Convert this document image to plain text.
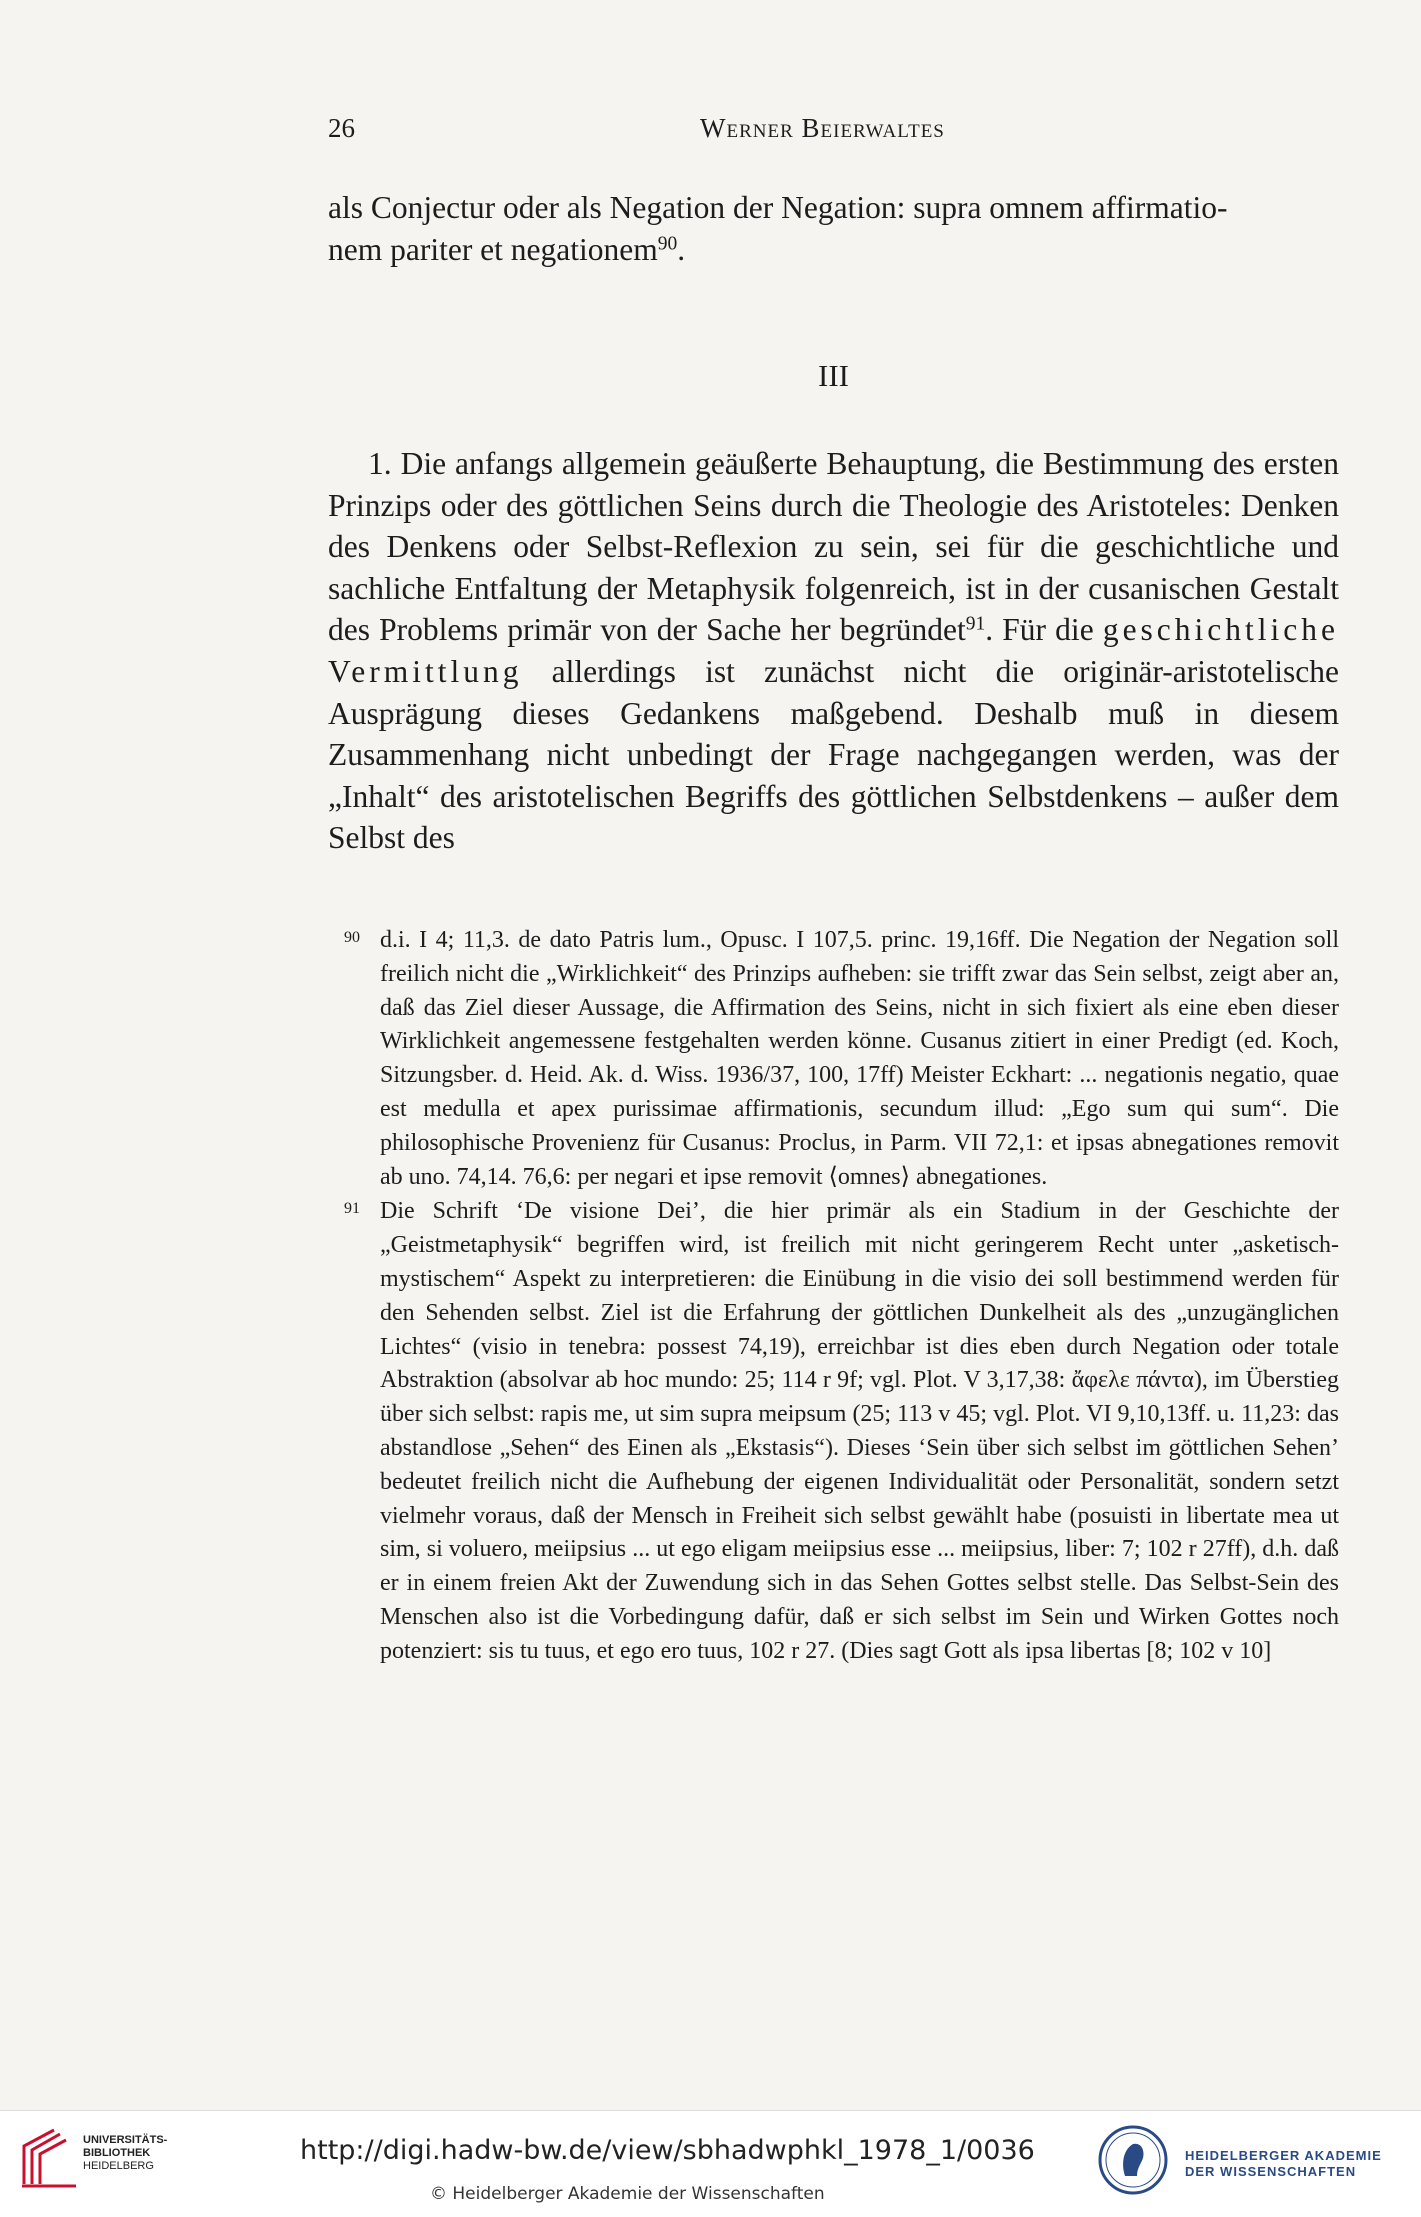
26	Werner Beierwaltes

als Conjectur oder als Negation der Negation: supra omnem affirmatio-
nem pariter et negationem$^{90}$.

III
1. Die anfangs allgemein geäußerte Behauptung, die Bestimmung des ersten Prinzips oder des göttlichen Seins durch die Theologie des Aristoteles: Denken des Denkens oder Selbst-Reflexion zu sein, sei für die geschichtliche und sachliche Entfaltung der Metaphysik folgenreich, ist in der cusanischen Gestalt des Problems primär von der Sache her begründet$^{91}$. Für die geschichtliche Vermittlung allerdings ist zunächst nicht die originär-aristotelische Ausprägung dieses Gedankens maßgebend. Deshalb muß in diesem Zusammenhang nicht unbedingt der Frage nachgegangen werden, was der „Inhalt“ des aristotelischen Begriffs des göttlichen Selbstdenkens – außer dem Selbst des
90 d.i. I 4; 11,3. de dato Patris lum., Opusc. I 107,5. princ. 19,16ff. Die Negation der Negation soll freilich nicht die „Wirklichkeit“ des Prinzips aufheben: sie trifft zwar das Sein selbst, zeigt aber an, daß das Ziel dieser Aussage, die Affirmation des Seins, nicht in sich fixiert als eine eben dieser Wirklichkeit angemessene festgehalten werden könne. Cusanus zitiert in einer Predigt (ed. Koch, Sitzungsber. d. Heid. Ak. d. Wiss. 1936/37, 100, 17ff) Meister Eckhart: ... negationis negatio, quae est medulla et apex purissimae affirmationis, secundum illud: „Ego sum qui sum“. Die philosophische Provenienz für Cusanus: Proclus, in Parm. VII 72,1: et ipsas abnegationes removit ab uno. 74,14. 76,6: per negari et ipse removit ⟨omnes⟩ abnegationes.
91 Die Schrift ‘De visione Dei’, die hier primär als ein Stadium in der Geschichte der „Geistmetaphysik“ begriffen wird, ist freilich mit nicht geringerem Recht unter „asketisch-mystischem“ Aspekt zu interpretieren: die Einübung in die visio dei soll bestimmend werden für den Sehenden selbst. Ziel ist die Erfahrung der göttlichen Dunkelheit als des „unzugänglichen Lichtes“ (visio in tenebra: possest 74,19), erreichbar ist dies eben durch Negation oder totale Abstraktion (absolvar ab hoc mundo: 25; 114 r 9f; vgl. Plot. V 3,17,38: ἄφελε πάντα), im Überstieg über sich selbst: rapis me, ut sim supra meipsum (25; 113 v 45; vgl. Plot. VI 9,10,13ff. u. 11,23: das abstandlose „Sehen“ des Einen als „Ekstasis“). Dieses ‘Sein über sich selbst im göttlichen Sehen’ bedeutet freilich nicht die Aufhebung der eigenen Individualität oder Personalität, sondern setzt vielmehr voraus, daß der Mensch in Freiheit sich selbst gewählt habe (posuisti in libertate mea ut sim, si voluero, meiipsius ... ut ego eligam meiipsius esse ... meiipsius, liber: 7; 102 r 27ff), d.h. daß er in einem freien Akt der Zuwendung sich in das Sehen Gottes selbst stelle. Das Selbst-Sein des Menschen also ist die Vorbedingung dafür, daß er sich selbst im Sein und Wirken Gottes noch potenziert: sis tu tuus, et ego ero tuus, 102 r 27. (Dies sagt Gott als ipsa libertas [8; 102 v 10]
UNIVERSITÄTS-
BIBLIOTHEK
HEIDELBERG	http://digi.hadw-bw.de/view/sbhadwphkl_1978_1/0036
© Heidelberger Akademie der Wissenschaften
HEIDELBERGER AKADEMIE
DER WISSENSCHAFTEN
